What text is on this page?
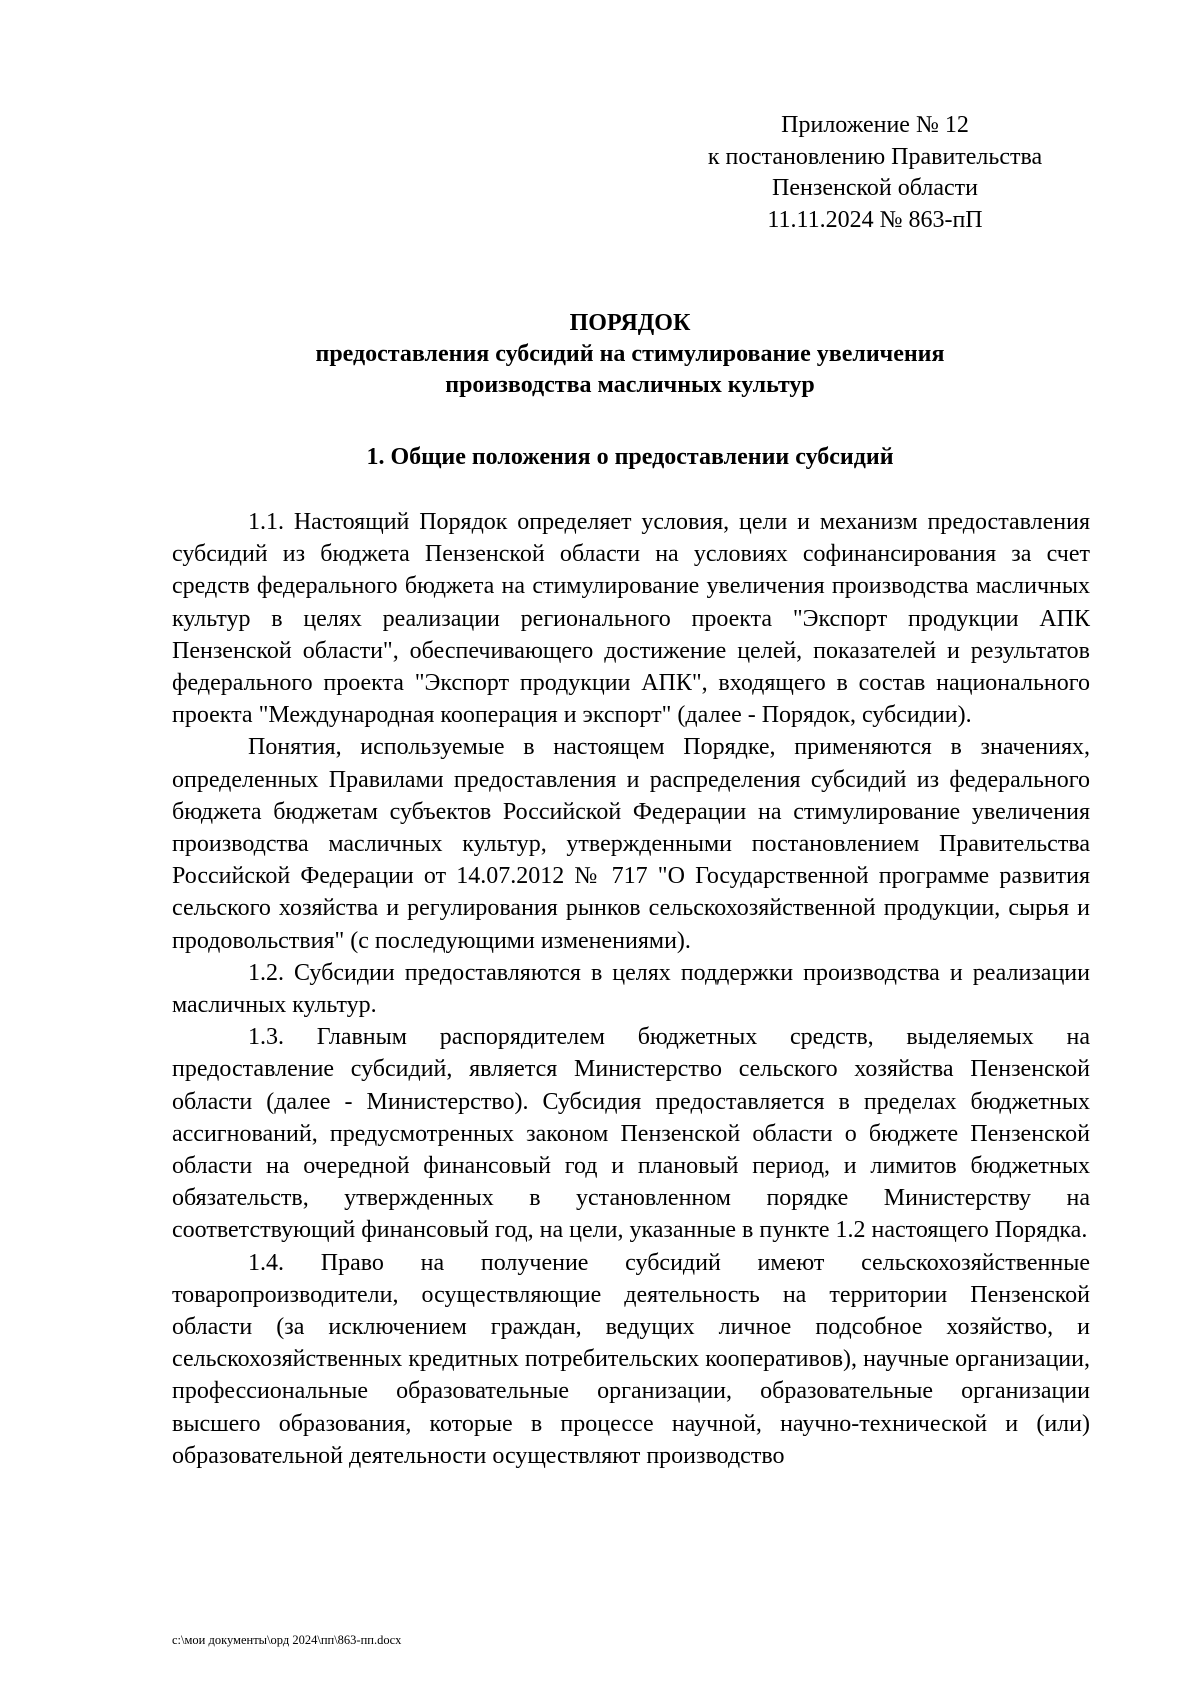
Приложение № 12
к постановлению Правительства
Пензенской области
11.11.2024 № 863-пП
ПОРЯДОК
предоставления субсидий на стимулирование увеличения
производства масличных культур
1. Общие положения о предоставлении субсидий

1.1. Настоящий Порядок определяет условия, цели и механизм предоставления субсидий из бюджета Пензенской области на условиях софинансирования за счет средств федерального бюджета на стимулирование увеличения производства масличных культур в целях реализации регионального проекта "Экспорт продукции АПК Пензенской области", обеспечивающего достижение целей, показателей и результатов федерального проекта "Экспорт продукции АПК", входящего в состав национального проекта "Международная кооперация и экспорт" (далее - Порядок, субсидии).

Понятия, используемые в настоящем Порядке, применяются в значениях, определенных Правилами предоставления и распределения субсидий из федерального бюджета бюджетам субъектов Российской Федерации на стимулирование увеличения производства масличных культур, утвержденными постановлением Правительства Российской Федерации от 14.07.2012 № 717 "О Государственной программе развития сельского хозяйства и регулирования рынков сельскохозяйственной продукции, сырья и продовольствия" (с последующими изменениями).

1.2. Субсидии предоставляются в целях поддержки производства и реализации масличных культур.

1.3. Главным распорядителем бюджетных средств, выделяемых на предоставление субсидий, является Министерство сельского хозяйства Пензенской области (далее - Министерство). Субсидия предоставляется в пределах бюджетных ассигнований, предусмотренных законом Пензенской области о бюджете Пензенской области на очередной финансовый год и плановый период, и лимитов бюджетных обязательств, утвержденных в установленном порядке Министерству на соответствующий финансовый год, на цели, указанные в пункте 1.2 настоящего Порядка.

1.4. Право на получение субсидий имеют сельскохозяйственные товаропроизводители, осуществляющие деятельность на территории Пензенской области (за исключением граждан, ведущих личное подсобное хозяйство, и сельскохозяйственных кредитных потребительских кооперативов), научные организации, профессиональные образовательные организации, образовательные организации высшего образования, которые в процессе научной, научно-технической и (или) образовательной деятельности осуществляют производство

c:\мои документы\орд 2024\пп\863-пп.docx
